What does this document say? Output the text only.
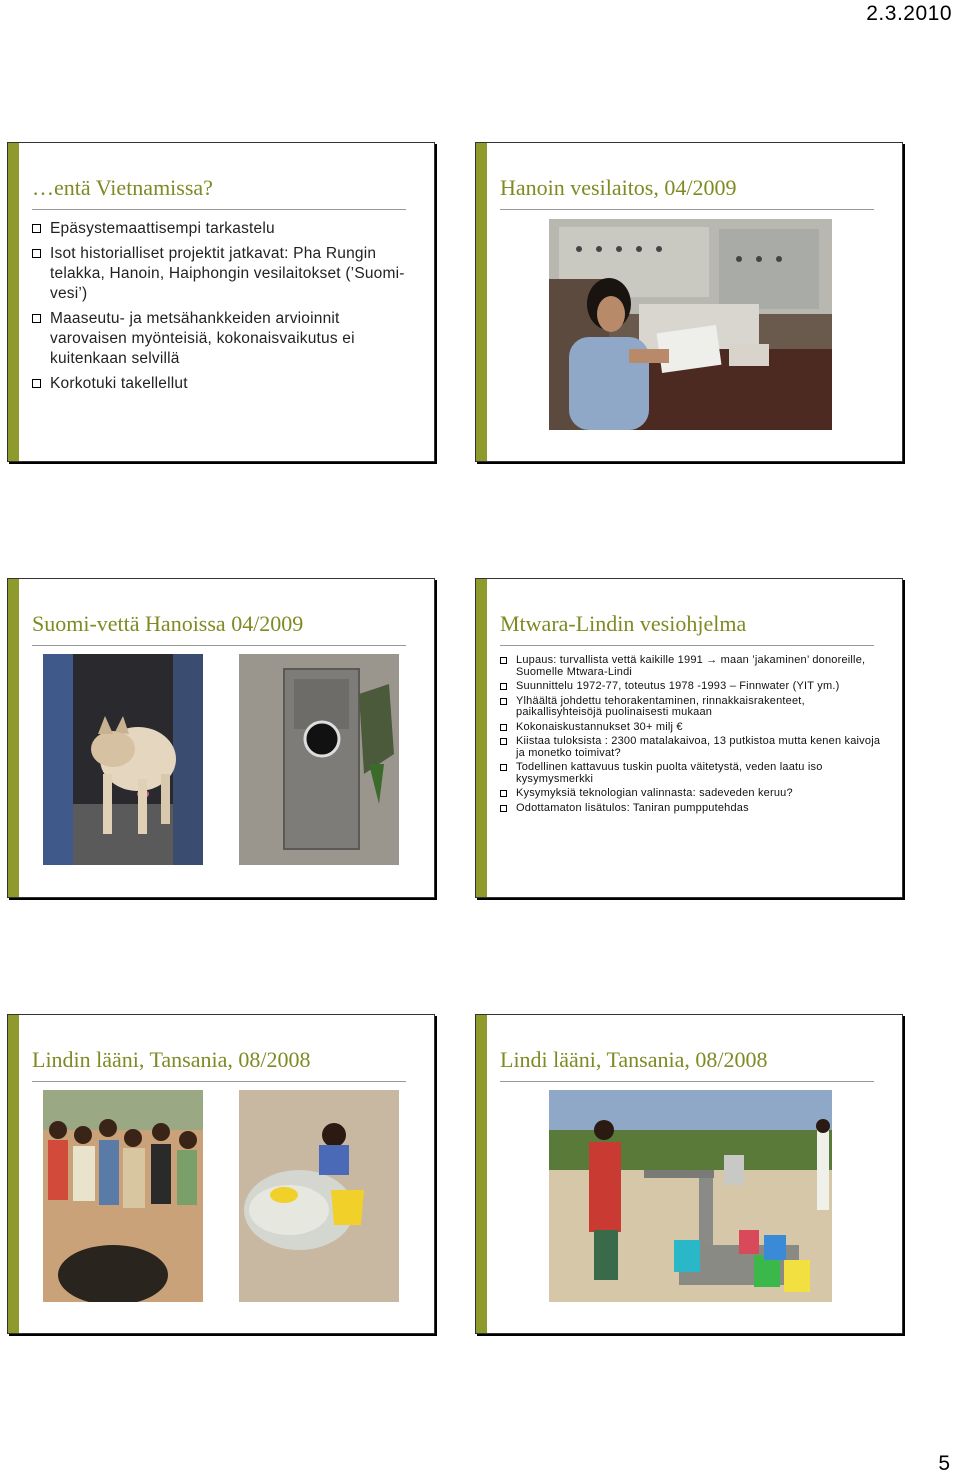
2.3.2010
…entä Vietnamissa?
Epäsystemaattisempi tarkastelu
Isot historialliset projektit jatkavat: Pha Rungin telakka, Hanoin, Haiphongin vesilaitokset (’Suomi-vesi’)
Maaseutu- ja metsähankkeiden arvioinnit varovaisen myönteisiä, kokonaisvaikutus ei kuitenkaan selvillä
Korkotuki takellellut
Hanoin vesilaitos, 04/2009
Suomi-vettä Hanoissa 04/2009	Mtwara-Lindin vesiohjelma
Lupaus: turvallista vettä kaikille 1991 → maan ’jakaminen’ donoreille, Suomelle Mtwara-Lindi
Suunnittelu 1972-77, toteutus 1978 -1993 – Finnwater (YIT ym.)
Ylhäältä johdettu tehorakentaminen, rinnakkaisrakenteet, paikallisyhteisöjä puolinaisesti mukaan
Kokonaiskustannukset 30+ milj €
Kiistaa tuloksista : 2300 matalakaivoa, 13 putkistoa mutta kenen kaivoja ja monetko toimivat?
Todellinen kattavuus tuskin puolta väitetystä, veden laatu iso kysymysmerkki
Kysymyksiä teknologian valinnasta: sadeveden keruu?
Odottamaton lisätulos: Taniran pumpputehdas
Lindin lääni, Tansania, 08/2008	Lindi lääni, Tansania, 08/2008
5
